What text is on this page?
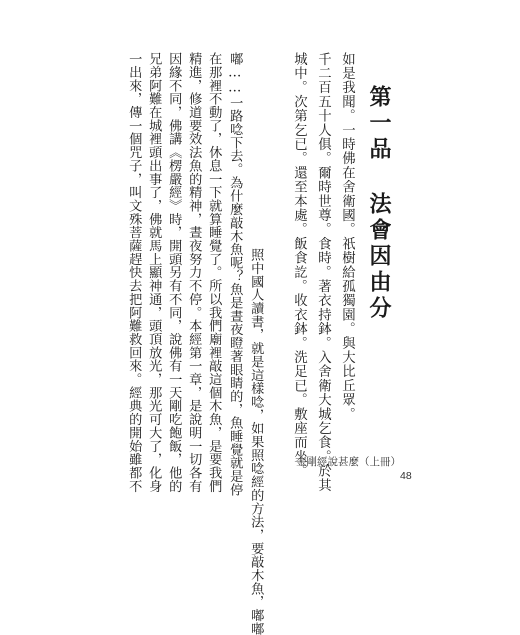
第一品 法會因由分
如是我聞。一時佛在舍衛國。祇樹給孤獨園。與大比丘眾。
千二百五十人俱。爾時世尊。食時。著衣持鉢。入舍衛大城乞食。於其
城中。次第乞已。還至本處。飯食訖。收衣鉢。洗足已。敷座而坐。
照中國人讀書，就是這樣唸，如果照唸經的方法，要敲木魚，嘟嘟
嘟……一路唸下去。為什麼敲木魚呢？魚是晝夜瞪著眼睛的，魚睡覺就是停
在那裡不動了，休息一下就算睡覺了。所以我們廟裡敲這個木魚，是要我們
精進，修道要效法魚的精神，晝夜努力不停。本經第一章，是說明一切各有
因緣不同，佛講《楞嚴經》時，開頭另有不同，說佛有一天剛吃飽飯，他的
兄弟阿難在城裡頭出事了，佛就馬上顯神通，頭頂放光，那光可大了，化身
一出來，傳一個咒子，叫文殊菩薩趕快去把阿難救回來。經典的開始雖都不	金剛經說甚麼（上冊）
48
